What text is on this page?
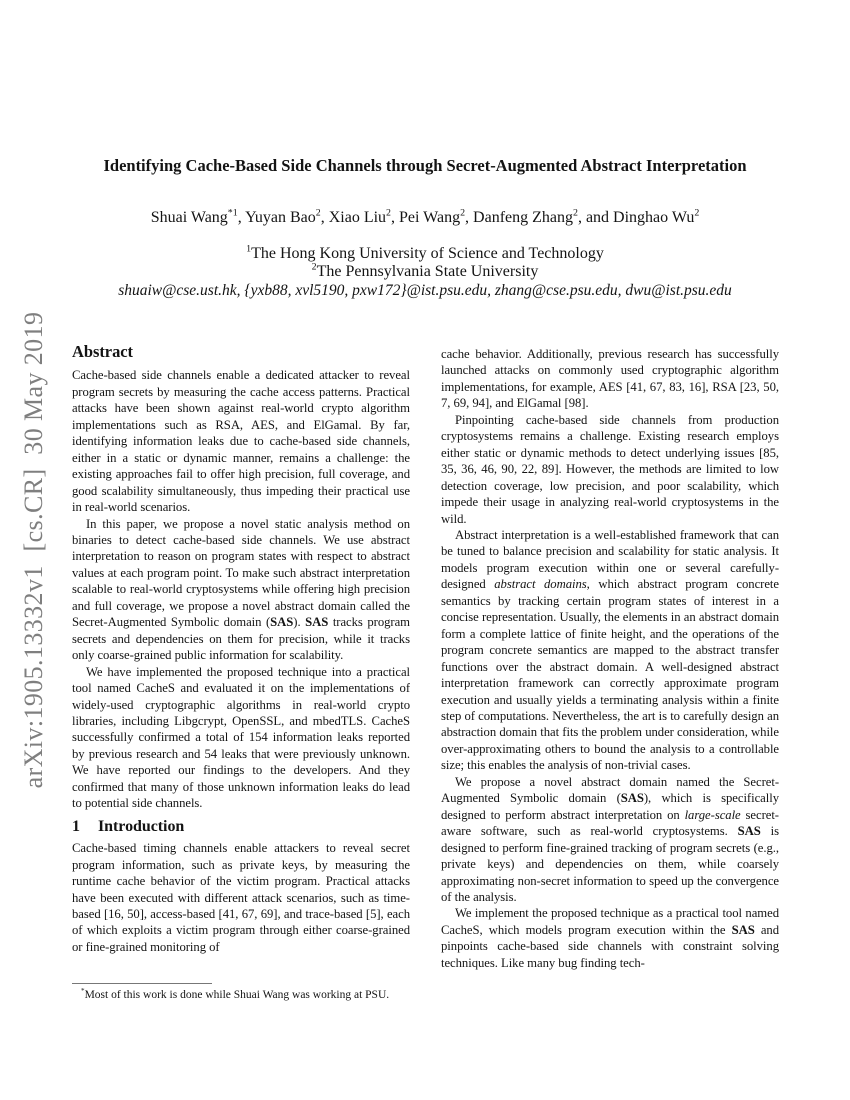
arXiv:1905.13332v1  [cs.CR]  30 May 2019
Identifying Cache-Based Side Channels through Secret-Augmented Abstract Interpretation
Shuai Wang$^{*1}$, Yuyan Bao$^2$, Xiao Liu$^2$, Pei Wang$^2$, Danfeng Zhang$^2$, and Dinghao Wu$^2$
$^1$The Hong Kong University of Science and Technology
$^2$The Pennsylvania State University
shuaiw@cse.ust.hk, {yxb88, xvl5190, pxw172}@ist.psu.edu, zhang@cse.psu.edu, dwu@ist.psu.edu
Abstract

Cache-based side channels enable a dedicated attacker to reveal program secrets by measuring the cache access patterns. Practical attacks have been shown against real-world crypto algorithm implementations such as RSA, AES, and ElGamal. By far, identifying information leaks due to cache-based side channels, either in a static or dynamic manner, remains a challenge: the existing approaches fail to offer high precision, full coverage, and good scalability simultaneously, thus impeding their practical use in real-world scenarios.

In this paper, we propose a novel static analysis method on binaries to detect cache-based side channels. We use abstract interpretation to reason on program states with respect to abstract values at each program point. To make such abstract interpretation scalable to real-world cryptosystems while offering high precision and full coverage, we propose a novel abstract domain called the Secret-Augmented Symbolic domain (SAS). SAS tracks program secrets and dependencies on them for precision, while it tracks only coarse-grained public information for scalability.

We have implemented the proposed technique into a practical tool named CacheS and evaluated it on the implementations of widely-used cryptographic algorithms in real-world crypto libraries, including Libgcrypt, OpenSSL, and mbedTLS. CacheS successfully confirmed a total of 154 information leaks reported by previous research and 54 leaks that were previously unknown. We have reported our findings to the developers. And they confirmed that many of those unknown information leaks do lead to potential side channels.

1 Introduction

Cache-based timing channels enable attackers to reveal secret program information, such as private keys, by measuring the runtime cache behavior of the victim program. Practical attacks have been executed with different attack scenarios, such as time-based [16, 50], access-based [41, 67, 69], and trace-based [5], each of which exploits a victim program through either coarse-grained or fine-grained monitoring of

cache behavior. Additionally, previous research has successfully launched attacks on commonly used cryptographic algorithm implementations, for example, AES [41, 67, 83, 16], RSA [23, 50, 7, 69, 94], and ElGamal [98].

Pinpointing cache-based side channels from production cryptosystems remains a challenge. Existing research employs either static or dynamic methods to detect underlying issues [85, 35, 36, 46, 90, 22, 89]. However, the methods are limited to low detection coverage, low precision, and poor scalability, which impede their usage in analyzing real-world cryptosystems in the wild.

Abstract interpretation is a well-established framework that can be tuned to balance precision and scalability for static analysis. It models program execution within one or several carefully-designed abstract domains, which abstract program concrete semantics by tracking certain program states of interest in a concise representation. Usually, the elements in an abstract domain form a complete lattice of finite height, and the operations of the program concrete semantics are mapped to the abstract transfer functions over the abstract domain. A well-designed abstract interpretation framework can correctly approximate program execution and usually yields a terminating analysis within a finite step of computations. Nevertheless, the art is to carefully design an abstraction domain that fits the problem under consideration, while over-approximating others to bound the analysis to a controllable size; this enables the analysis of non-trivial cases.

We propose a novel abstract domain named the Secret-Augmented Symbolic domain (SAS), which is specifically designed to perform abstract interpretation on large-scale secret-aware software, such as real-world cryptosystems. SAS is designed to perform fine-grained tracking of program secrets (e.g., private keys) and dependencies on them, while coarsely approximating non-secret information to speed up the convergence of the analysis.

We implement the proposed technique as a practical tool named CacheS, which models program execution within the SAS and pinpoints cache-based side channels with constraint solving techniques. Like many bug finding tech-

*Most of this work is done while Shuai Wang was working at PSU.
